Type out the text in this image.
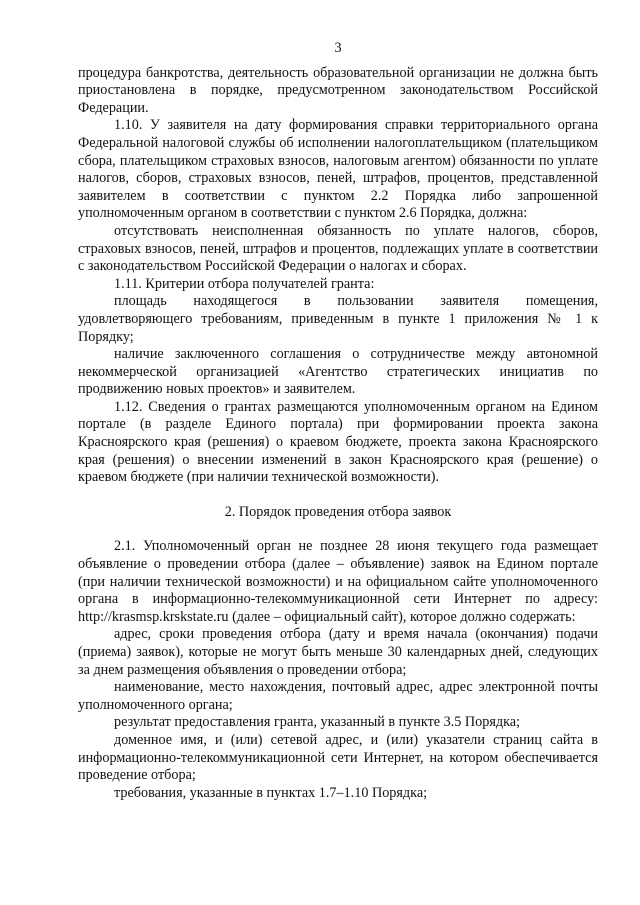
3

процедура банкротства, деятельность образовательной организации не должна быть приостановлена в порядке, предусмотренном законодательством Российской Федерации.

1.10. У заявителя на дату формирования справки территориального органа Федеральной налоговой службы об исполнении налогоплательщиком (плательщиком сбора, плательщиком страховых взносов, налоговым агентом) обязанности по уплате налогов, сборов, страховых взносов, пеней, штрафов, процентов, представленной заявителем в соответствии с пунктом 2.2 Порядка либо запрошенной уполномоченным органом в соответствии с пунктом 2.6 Порядка, должна:

отсутствовать неисполненная обязанность по уплате налогов, сборов, страховых взносов, пеней, штрафов и процентов, подлежащих уплате в соответствии с законодательством Российской Федерации о налогах и сборах.

1.11. Критерии отбора получателей гранта:

площадь находящегося в пользовании заявителя помещения, удовлетворяющего требованиям, приведенным в пункте 1 приложения № 1 к Порядку;

наличие заключенного соглашения о сотрудничестве между автономной некоммерческой организацией «Агентство стратегических инициатив по продвижению новых проектов» и заявителем.

1.12. Сведения о грантах размещаются уполномоченным органом на Едином портале (в разделе Единого портала) при формировании проекта закона Красноярского края (решения) о краевом бюджете, проекта закона Красноярского края (решения) о внесении изменений в закон Красноярского края (решение) о краевом бюджете (при наличии технической возможности).

2. Порядок проведения отбора заявок

2.1. Уполномоченный орган не позднее 28 июня текущего года размещает объявление о проведении отбора (далее – объявление) заявок на Едином портале (при наличии технической возможности) и на официальном сайте уполномоченного органа в информационно-телекоммуникационной сети Интернет по адресу: http://krasmsp.krskstate.ru (далее – официальный сайт), которое должно содержать:

адрес, сроки проведения отбора (дату и время начала (окончания) подачи (приема) заявок), которые не могут быть меньше 30 календарных дней, следующих за днем размещения объявления о проведении отбора;

наименование, место нахождения, почтовый адрес, адрес электронной почты уполномоченного органа;

результат предоставления гранта, указанный в пункте 3.5 Порядка;

доменное имя, и (или) сетевой адрес, и (или) указатели страниц сайта в информационно-телекоммуникационной сети Интернет, на котором обеспечивается проведение отбора;

требования, указанные в пунктах 1.7–1.10 Порядка;
